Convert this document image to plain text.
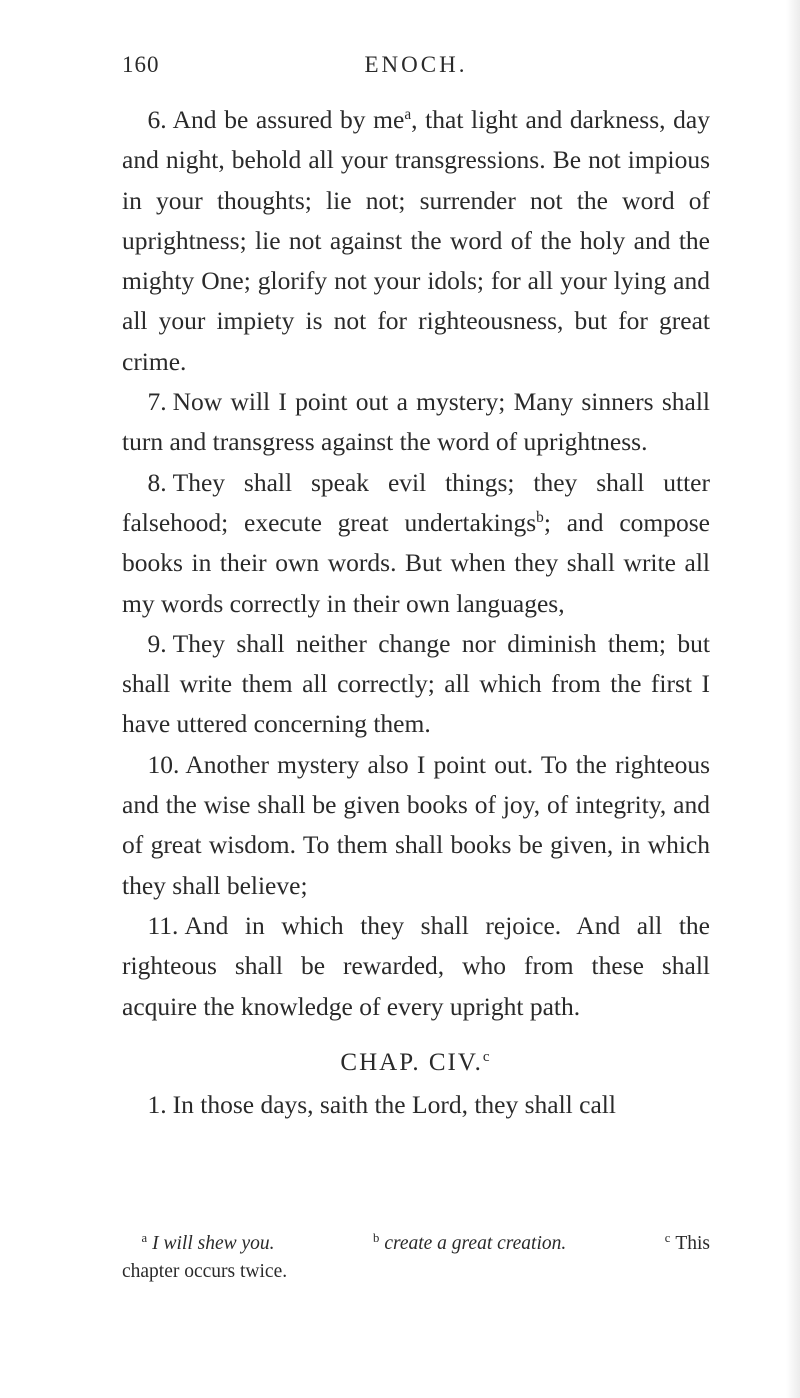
160	ENOCH.

 6. And be assured by $me^a$, that light and darkness, day and night, behold all your transgressions. Be not impious in your thoughts; lie not; surrender not the word of uprightness; lie not against the word of the holy and the mighty One; glorify not your idols; for all your lying and all your impiety is not for righteousness, but for great crime.

 7. Now will I point out a mystery; Many sinners shall turn and transgress against the word of uprightness.

 8. They shall speak evil things; they shall utter falsehood; execute great undertakings$^b$; and compose books in their own words. But when they shall write all my words correctly in their own languages,

 9. They shall neither change nor diminish them; but shall write them all correctly; all which from the first I have uttered concerning them.

 10. Another mystery also I point out. To the righteous and the wise shall be given books of joy, of integrity, and of great wisdom. To them shall books be given, in which they shall believe;

 11. And in which they shall rejoice. And all the righteous shall be rewarded, who from these shall acquire the knowledge of every upright path.

CHAP. CIV.$^c$

 1. In those days, saith the Lord, they shall call

 $^a$ I will shew you.	$^b$ create a great creation.	$^c$ This

chapter occurs twice.
